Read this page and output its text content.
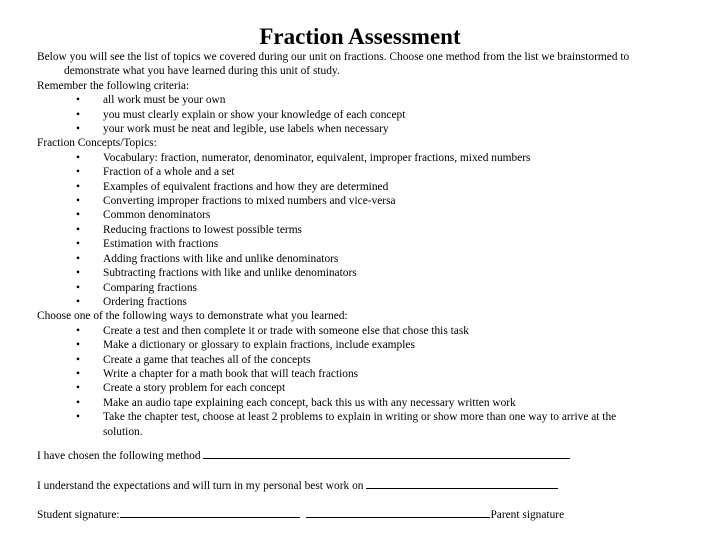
Fraction Assessment
Below you will see the list of topics we covered during our unit on fractions. Choose one method from the list we brainstormed to demonstrate what you have learned during this unit of study.
Remember the following criteria:
• all work must be your own
• you must clearly explain or show your knowledge of each concept
• your work must be neat and legible, use labels when necessary
Fraction Concepts/Topics:
• Vocabulary: fraction, numerator, denominator, equivalent, improper fractions, mixed numbers
• Fraction of a whole and a set
• Examples of equivalent fractions and how they are determined
• Converting improper fractions to mixed numbers and vice-versa
• Common denominators
• Reducing fractions to lowest possible terms
• Estimation with fractions
• Adding fractions with like and unlike denominators
• Subtracting fractions with like and unlike denominators
• Comparing fractions
• Ordering fractions
Choose one of the following ways to demonstrate what you learned:
• Create a test and then complete it or trade with someone else that chose this task
• Make a dictionary or glossary to explain fractions, include examples
• Create a game that teaches all of the concepts
• Write a chapter for a math book that will teach fractions
• Create a story problem for each concept
• Make an audio tape explaining each concept, back this us with any necessary written work
• Take the chapter test, choose at least 2 problems to explain in writing or show more than one way to arrive at the solution.
I have chosen the following method
I understand the expectations and will turn in my personal best work on
Student signature:	Parent signature
